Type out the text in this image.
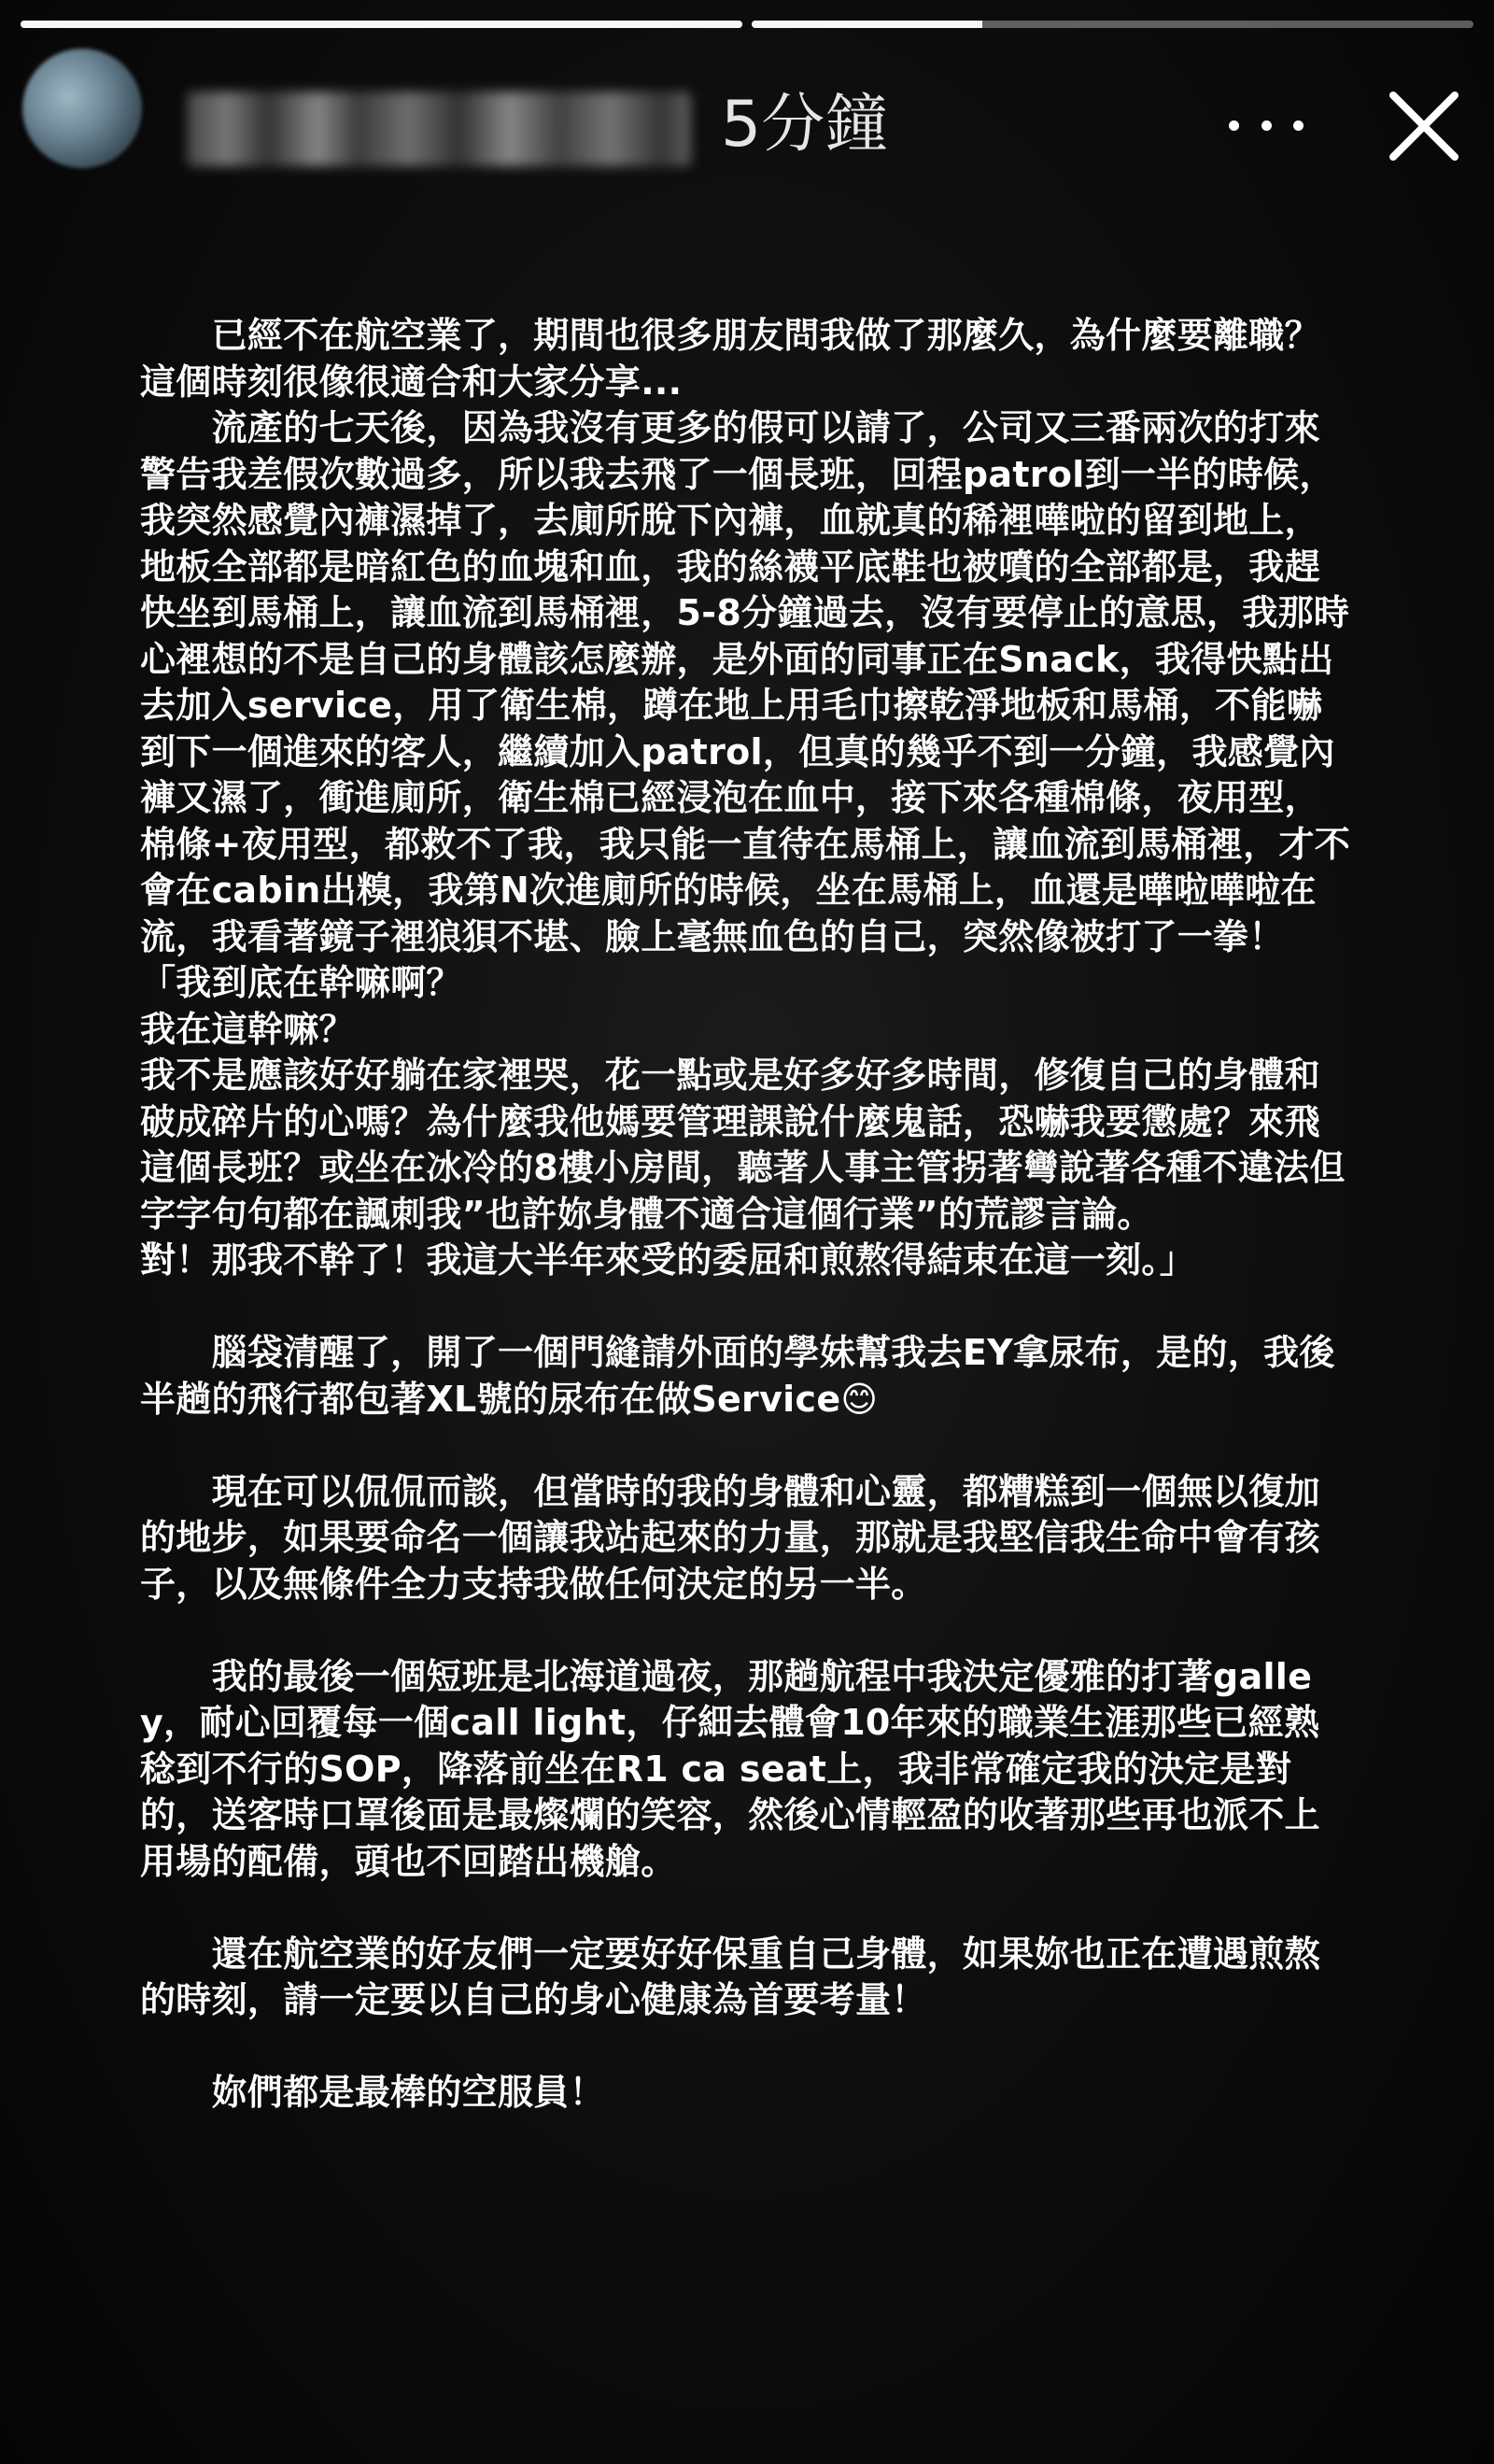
5分鐘

　　已經不在航空業了，期間也很多朋友問我做了那麼久，為什麼要離職？這個時刻很像很適合和大家分享...

　　流產的七天後，因為我沒有更多的假可以請了，公司又三番兩次的打來警告我差假次數過多，所以我去飛了一個長班，回程patrol到一半的時候，我突然感覺內褲濕掉了，去廁所脫下內褲，血就真的稀裡嘩啦的留到地上，地板全部都是暗紅色的血塊和血，我的絲襪平底鞋也被噴的全部都是，我趕快坐到馬桶上，讓血流到馬桶裡，5-8分鐘過去，沒有要停止的意思，我那時心裡想的不是自己的身體該怎麼辦，是外面的同事正在Snack，我得快點出去加入service，用了衛生棉，蹲在地上用毛巾擦乾淨地板和馬桶，不能嚇到下一個進來的客人，繼續加入patrol，但真的幾乎不到一分鐘，我感覺內褲又濕了，衝進廁所，衛生棉已經浸泡在血中，接下來各種棉條，夜用型，棉條+夜用型，都救不了我，我只能一直待在馬桶上，讓血流到馬桶裡，才不會在cabin出糗，我第N次進廁所的時候，坐在馬桶上，血還是嘩啦嘩啦在流，我看著鏡子裡狼狽不堪、臉上毫無血色的自己，突然像被打了一拳！

「我到底在幹嘛啊？

我在這幹嘛？

我不是應該好好躺在家裡哭，花一點或是好多好多時間，修復自己的身體和破成碎片的心嗎？為什麼我他媽要管理課說什麼鬼話，恐嚇我要懲處？來飛這個長班？或坐在冰冷的8樓小房間，聽著人事主管拐著彎說著各種不違法但字字句句都在諷刺我”也許妳身體不適合這個行業”的荒謬言論。

對！那我不幹了！我這大半年來受的委屈和煎熬得結束在這一刻。」

　　腦袋清醒了，開了一個門縫請外面的學妹幫我去EY拿尿布，是的，我後半趟的飛行都包著XL號的尿布在做Service😊

　　現在可以侃侃而談，但當時的我的身體和心靈，都糟糕到一個無以復加的地步，如果要命名一個讓我站起來的力量，那就是我堅信我生命中會有孩子，以及無條件全力支持我做任何決定的另一半。

　　我的最後一個短班是北海道過夜，那趟航程中我決定優雅的打著galley，耐心回覆每一個call light，仔細去體會10年來的職業生涯那些已經熟稔到不行的SOP，降落前坐在R1 ca seat上，我非常確定我的決定是對的，送客時口罩後面是最燦爛的笑容，然後心情輕盈的收著那些再也派不上用場的配備，頭也不回踏出機艙。

　　還在航空業的好友們一定要好好保重自己身體，如果妳也正在遭遇煎熬的時刻，請一定要以自己的身心健康為首要考量！

　　妳們都是最棒的空服員！
